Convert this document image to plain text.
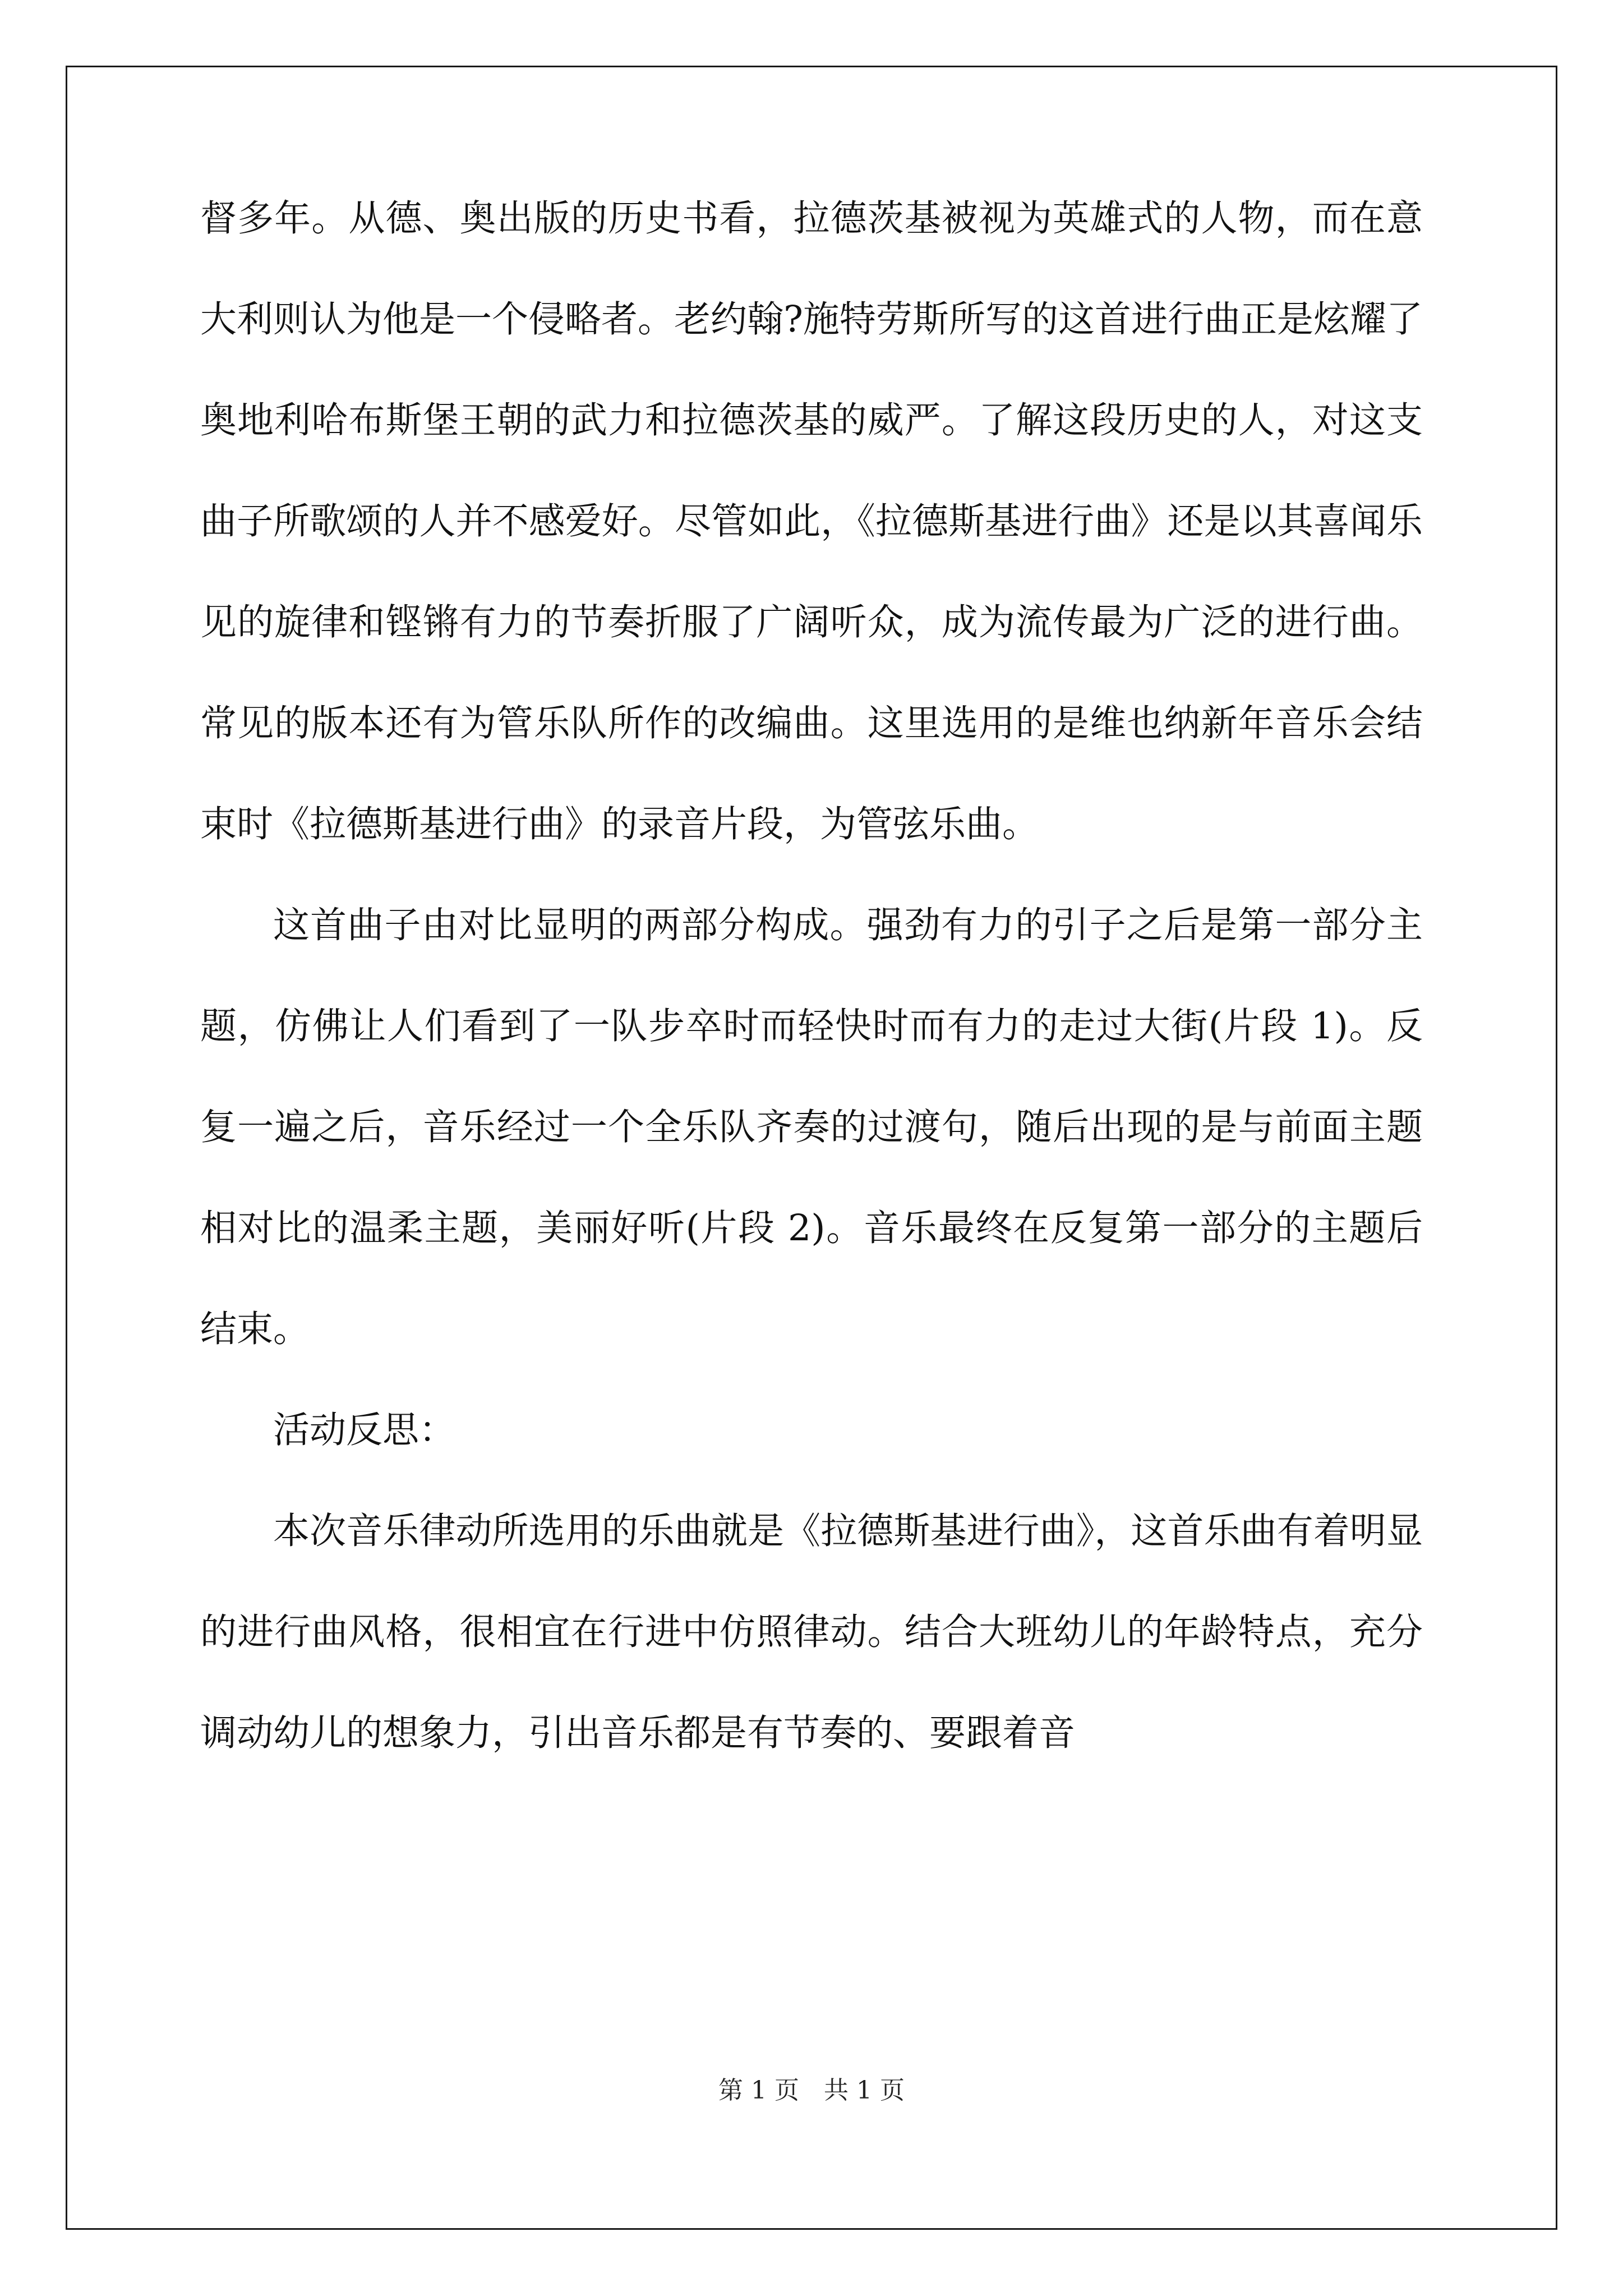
督多年。从德、奥出版的历史书看，拉德茨基被视为英雄式的人物，而在意大利则认为他是一个侵略者。老约翰?施特劳斯所写的这首进行曲正是炫耀了奥地利哈布斯堡王朝的武力和拉德茨基的威严。了解这段历史的人，对这支曲子所歌颂的人并不感爱好。尽管如此，《拉德斯基进行曲》还是以其喜闻乐见的旋律和铿锵有力的节奏折服了广阔听众，成为流传最为广泛的进行曲。常见的版本还有为管乐队所作的改编曲。这里选用的是维也纳新年音乐会结束时《拉德斯基进行曲》的录音片段，为管弦乐曲。

这首曲子由对比显明的两部分构成。强劲有力的引子之后是第一部分主题，仿佛让人们看到了一队步卒时而轻快时而有力的走过大街(片段 1)。反复一遍之后，音乐经过一个全乐队齐奏的过渡句，随后出现的是与前面主题相对比的温柔主题，美丽好听(片段 2)。音乐最终在反复第一部分的主题后结束。

活动反思：

本次音乐律动所选用的乐曲就是《拉德斯基进行曲》，这首乐曲有着明显的进行曲风格，很相宜在行进中仿照律动。结合大班幼儿的年龄特点，充分调动幼儿的想象力，引出音乐都是有节奏的、要跟着音

第 1 页 共 1 页
